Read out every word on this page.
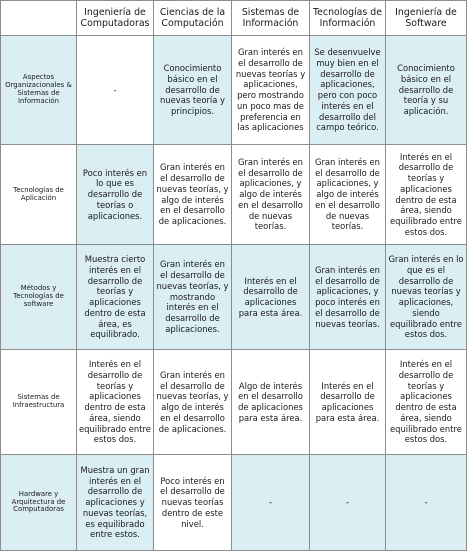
	Ingeniería de Computadoras	Ciencias de la Computación	Sistemas de Información	Tecnologías de Información	Ingeniería de Software
Aspectos Organizacionales & Sistemas de Información	-	Conocimiento básico en el desarrollo de nuevas teoría y principios.	Gran interés en el desarrollo de nuevas teorías y aplicaciones, pero mostrando un poco mas de preferencia en las aplicaciones	Se desenvuelve muy bien en el desarrollo de aplicaciones, pero con poco interés en el desarrollo del campo teórico.	Conocimiento básico en el desarrollo de teoría y su aplicación.
Tecnologías de Aplicación	Poco interés en lo que es desarrollo de teorías o aplicaciones.	Gran interés en el desarrollo de nuevas teorías, y algo de interés en el desarrollo de aplicaciones.	Gran interés en el desarrollo de aplicaciones, y algo de interés en el desarrollo de nuevas teorías.	Gran interés en el desarrollo de aplicaciones, y algo de interés en el desarrollo de nuevas teorías.	Interés en el desarrollo de teorías y aplicaciones dentro de esta área, siendo equilibrado entre estos dos.
Métodos y Tecnologías de software	Muestra cierto interés en el desarrollo de teorías y aplicaciones dentro de esta área, es equilibrado.	Gran interés en el desarrollo de nuevas teorías, y mostrando interés en el desarrollo de aplicaciones.	Interés en el desarrollo de aplicaciones para esta área.	Gran interés en el desarrollo de aplicaciones, y poco interés en el desarrollo de nuevas teorías.	Gran interés en lo que es el desarrollo de nuevas teorías y aplicaciones, siendo equilibrado entre estos dos.
Sistemas de Infraestructura	Interés en el desarrollo de teorías y aplicaciones dentro de esta área, siendo equilibrado entre estos dos.	Gran interés en el desarrollo de nuevas teorías, y algo de interés en el desarrollo de aplicaciones.	Algo de interés en el desarrollo de aplicaciones para esta área.	Interés en el desarrollo de aplicaciones para esta área.	Interés en el desarrollo de teorías y aplicaciones dentro de esta área, siendo equilibrado entre estos dos.
Hardware y Arquitectura de Computadoras	Muestra un gran interés en el desarrollo de aplicaciones y nuevas teorías, es equilibrado entre estos.	Poco interés en el desarrollo de nuevas teorías dentro de este nivel.	-	-	-
